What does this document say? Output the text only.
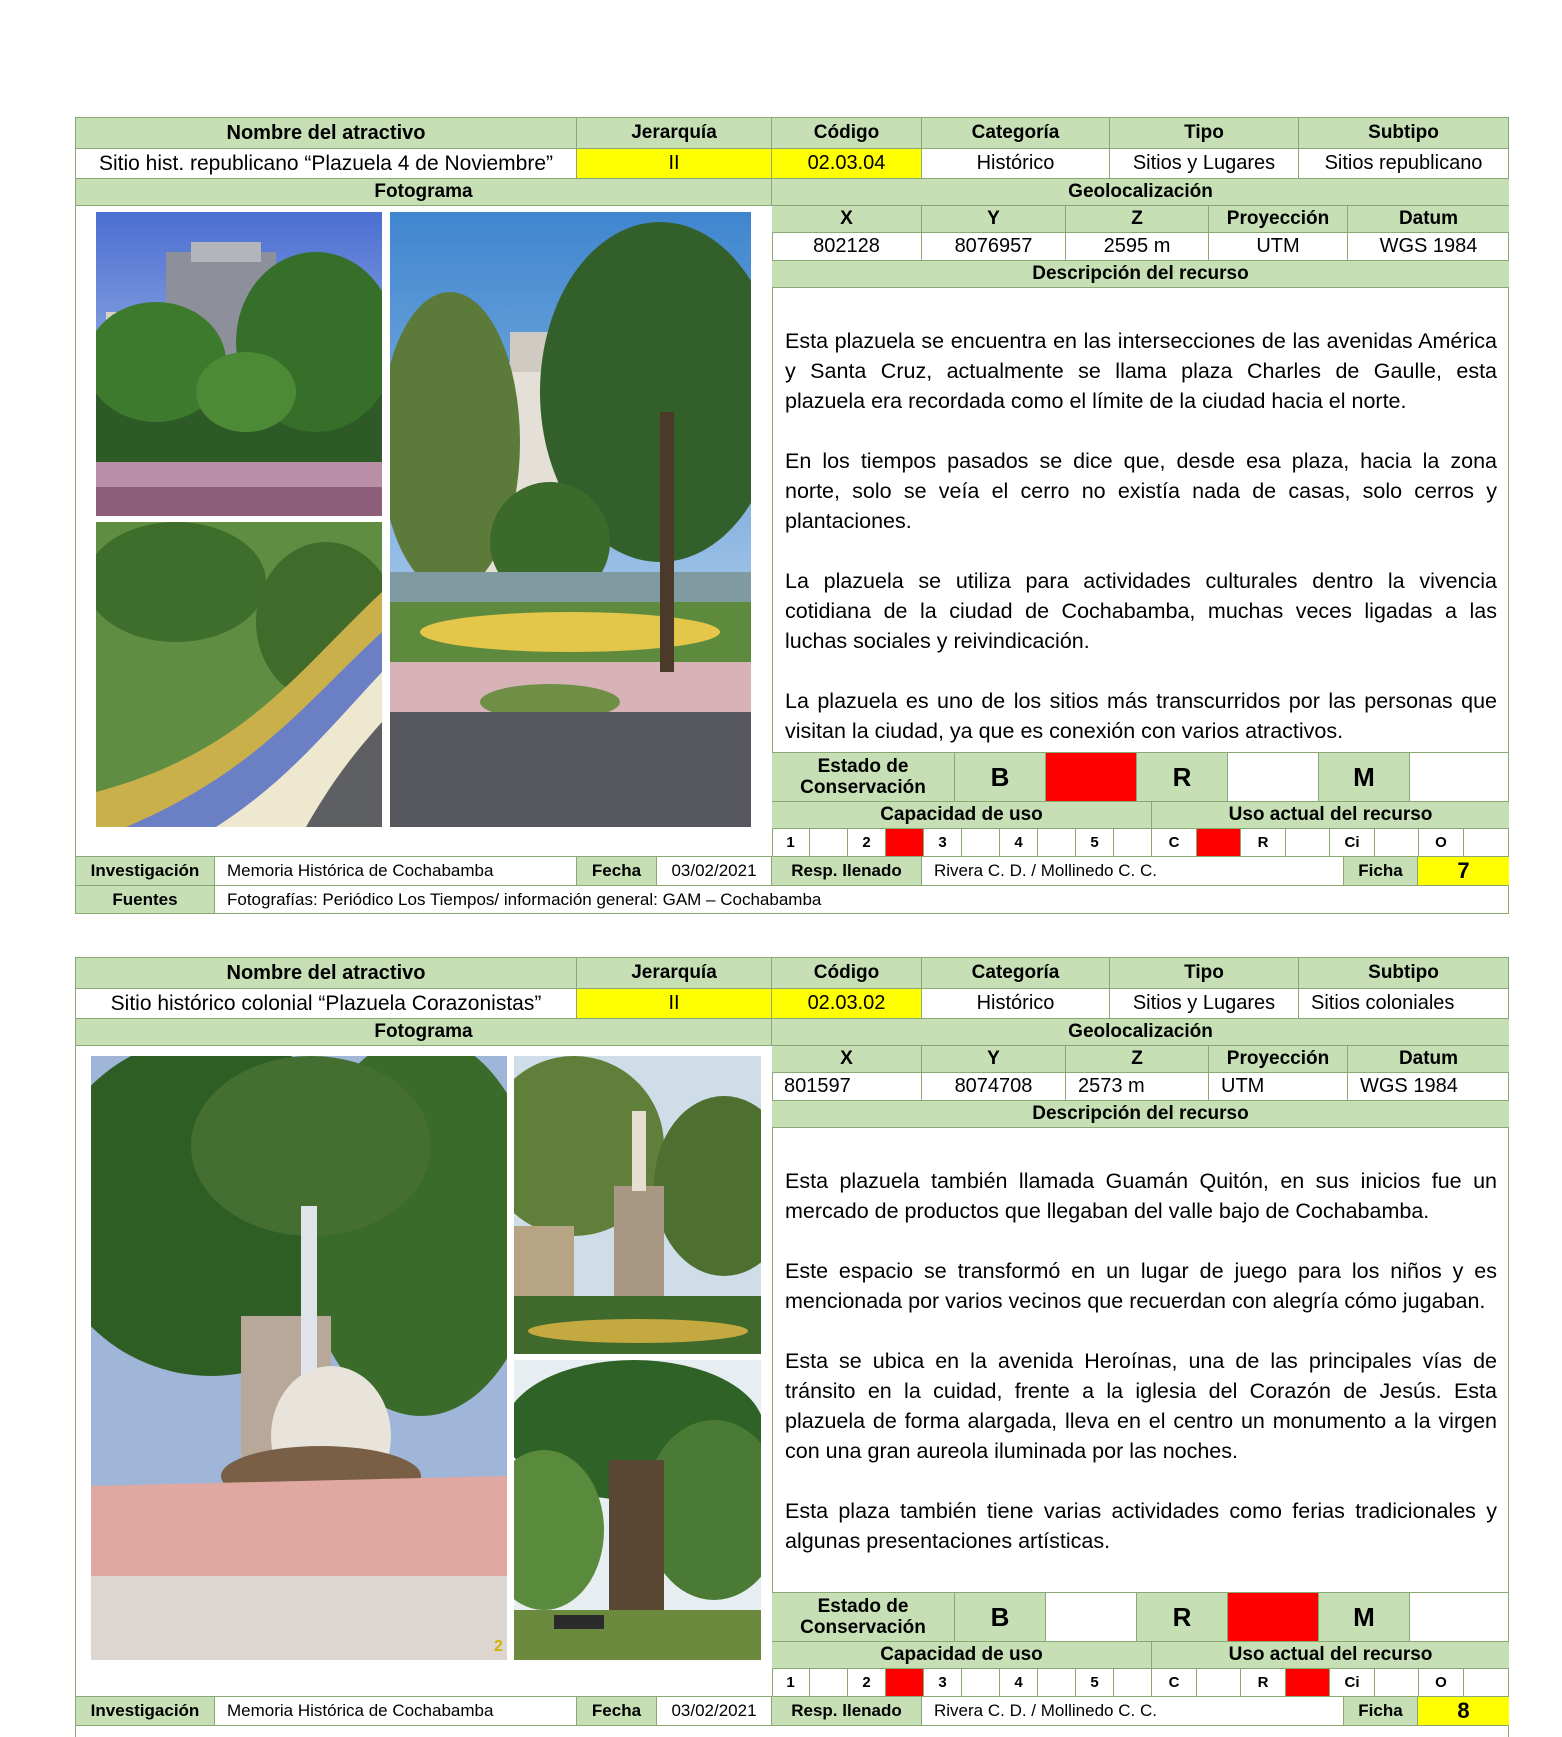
Nombre del atractivo	Jerarquía	Código	Categoría	Tipo	Subtipo
Sitio hist. republicano “Plazuela 4 de Noviembre”	II	02.03.04	Histórico	Sitios y Lugares	Sitios republicano
Fotograma	Geolocalización
X	Y	Z	Proyección	Datum
802128	8076957	2595 m	UTM	WGS 1984
Descripción del recurso

Esta plazuela se encuentra en las intersecciones de las avenidas América y Santa Cruz, actualmente se llama plaza Charles de Gaulle, esta plazuela era recordada como el límite de la ciudad hacia el norte.

En los tiempos pasados se dice que, desde esa plaza, hacia la zona norte, solo se veía el cerro no existía nada de casas, solo cerros y plantaciones.

La plazuela se utiliza para actividades culturales dentro la vivencia cotidiana de la ciudad de Cochabamba, muchas veces ligadas a las luchas sociales y reivindicación.

La plazuela es uno de los sitios más transcurridos por las personas que visitan la ciudad, ya que es conexión con varios atractivos.

Estado de Conservación	B	R	M
Capacidad de uso	Uso actual del recurso
1	2	3	4	5	C	R	Ci	O
Investigación	Memoria Histórica de Cochabamba	Fecha	03/02/2021	Resp. llenado	Rivera C. D. / Mollinedo C. C.	Ficha	7
Fuentes	Fotografías: Periódico Los Tiempos/ información general: GAM – Cochabamba
Nombre del atractivo	Jerarquía	Código	Categoría	Tipo	Subtipo
Sitio histórico colonial “Plazuela Corazonistas”	II	02.03.02	Histórico	Sitios y Lugares	Sitios coloniales
Fotograma	Geolocalización
2
X	Y	Z	Proyección	Datum
801597	8074708	2573 m	UTM	WGS 1984
Descripción del recurso

Esta plazuela también llamada Guamán Quitón, en sus inicios fue un mercado de productos que llegaban del valle bajo de Cochabamba.

Este espacio se transformó en un lugar de juego para los niños y es mencionada por varios vecinos que recuerdan con alegría cómo jugaban.

Esta se ubica en la avenida Heroínas, una de las principales vías de tránsito en la cuidad, frente a la iglesia del Corazón de Jesús. Esta plazuela de forma alargada, lleva en el centro un monumento a la virgen con una gran aureola iluminada por las noches.

Esta plaza también tiene varias actividades como ferias tradicionales y algunas presentaciones artísticas.

Estado de Conservación	B	R	M
Capacidad de uso	Uso actual del recurso
1	2	3	4	5	C	R	Ci	O
Investigación	Memoria Histórica de Cochabamba	Fecha	03/02/2021	Resp. llenado	Rivera C. D. / Mollinedo C. C.	Ficha	8
